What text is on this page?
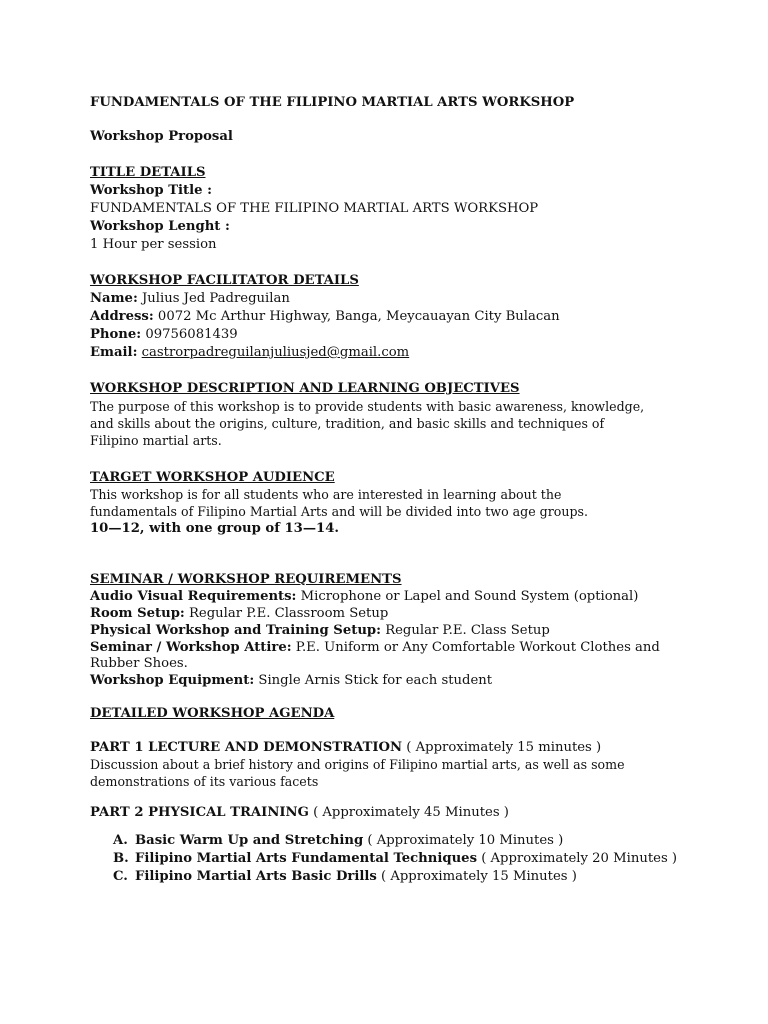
FUNDAMENTALS OF THE FILIPINO MARTIAL ARTS WORKSHOP
Workshop Proposal
TITLE DETAILS
Workshop Title :
FUNDAMENTALS OF THE FILIPINO MARTIAL ARTS WORKSHOP
Workshop Lenght :
1 Hour per session
WORKSHOP FACILITATOR DETAILS
Name: Julius Jed Padreguilan
Address: 0072 Mc Arthur Highway, Banga, Meycauayan City Bulacan
Phone: 09756081439
Email: castrorpadreguilanjuliusjed@gmail.com
WORKSHOP DESCRIPTION AND LEARNING OBJECTIVES
The purpose of this workshop is to provide students with basic awareness, knowledge,
and skills about the origins, culture, tradition, and basic skills and techniques of
Filipino martial arts.
TARGET WORKSHOP AUDIENCE
This workshop is for all students who are interested in learning about the
fundamentals of Filipino Martial Arts and will be divided into two age groups.
10—12, with one group of 13—14.
SEMINAR / WORKSHOP REQUIREMENTS
Audio Visual Requirements: Microphone or Lapel and Sound System (optional)
Room Setup: Regular P.E. Classroom Setup
Physical Workshop and Training Setup: Regular P.E. Class Setup
Seminar / Workshop Attire: P.E. Uniform or Any Comfortable Workout Clothes and
Rubber Shoes.
Workshop Equipment: Single Arnis Stick for each student
DETAILED WORKSHOP AGENDA
PART 1 LECTURE AND DEMONSTRATION ( Approximately 15 minutes )
Discussion about a brief history and origins of Filipino martial arts, as well as some
demonstrations of its various facets
PART 2 PHYSICAL TRAINING ( Approximately 45 Minutes )
A. Basic Warm Up and Stretching ( Approximately 10 Minutes )
B. Filipino Martial Arts Fundamental Techniques ( Approximately 20 Minutes )
C. Filipino Martial Arts Basic Drills ( Approximately 15 Minutes )
